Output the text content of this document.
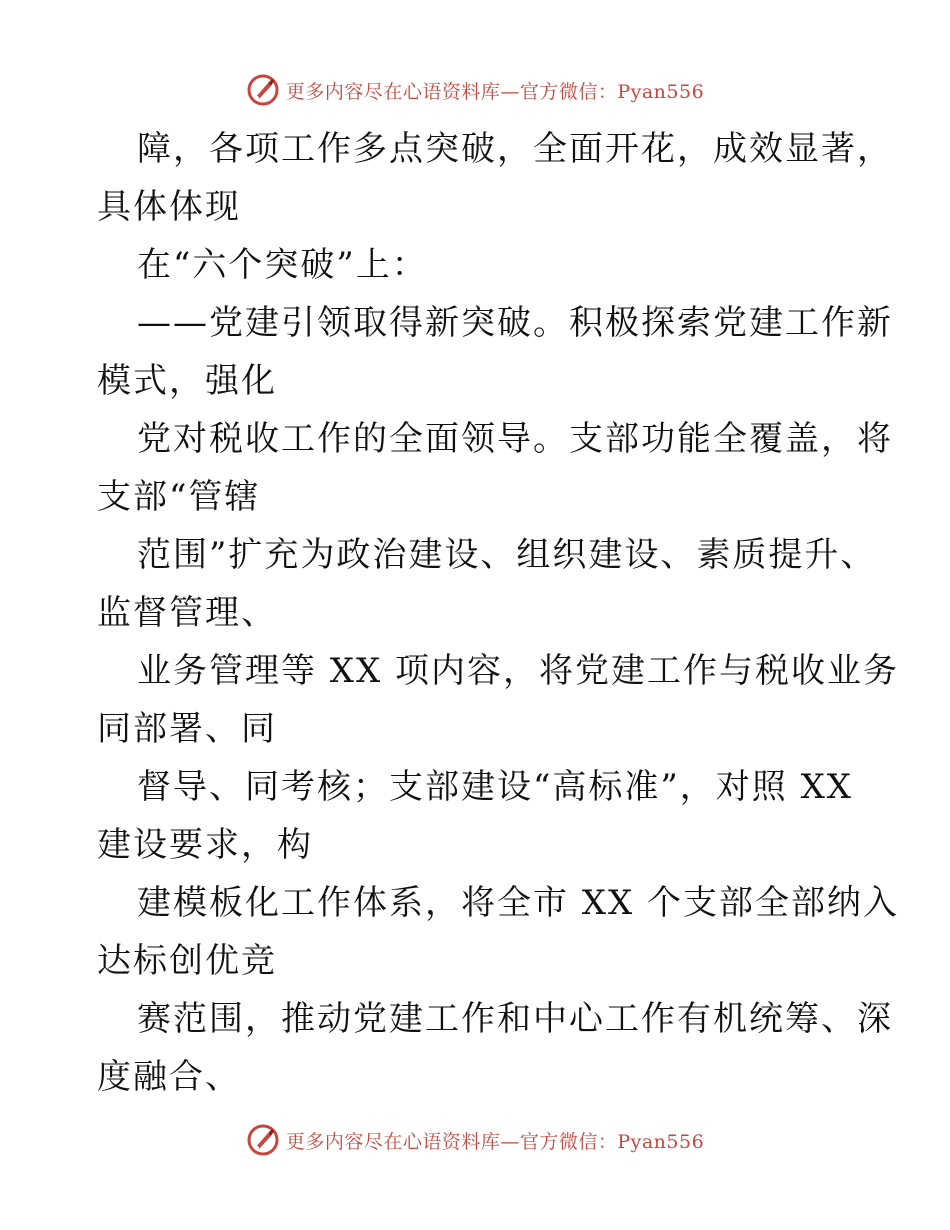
更多内容尽在心语资料库—官方微信：Pyan556
障，各项工作多点突破，全面开花，成效显著，
具体体现
在“六个突破”上：
——党建引领取得新突破。积极探索党建工作新
模式，强化
党对税收工作的全面领导。支部功能全覆盖，将
支部“管辖
范围”扩充为政治建设、组织建设、素质提升、
监督管理、
业务管理等 XX 项内容，将党建工作与税收业务
同部署、同
督导、同考核；支部建设“高标准”，对照 XX
建设要求，构
建模板化工作体系，将全市 XX 个支部全部纳入
达标创优竞
赛范围，推动党建工作和中心工作有机统筹、深
度融合、
更多内容尽在心语资料库—官方微信：Pyan556
